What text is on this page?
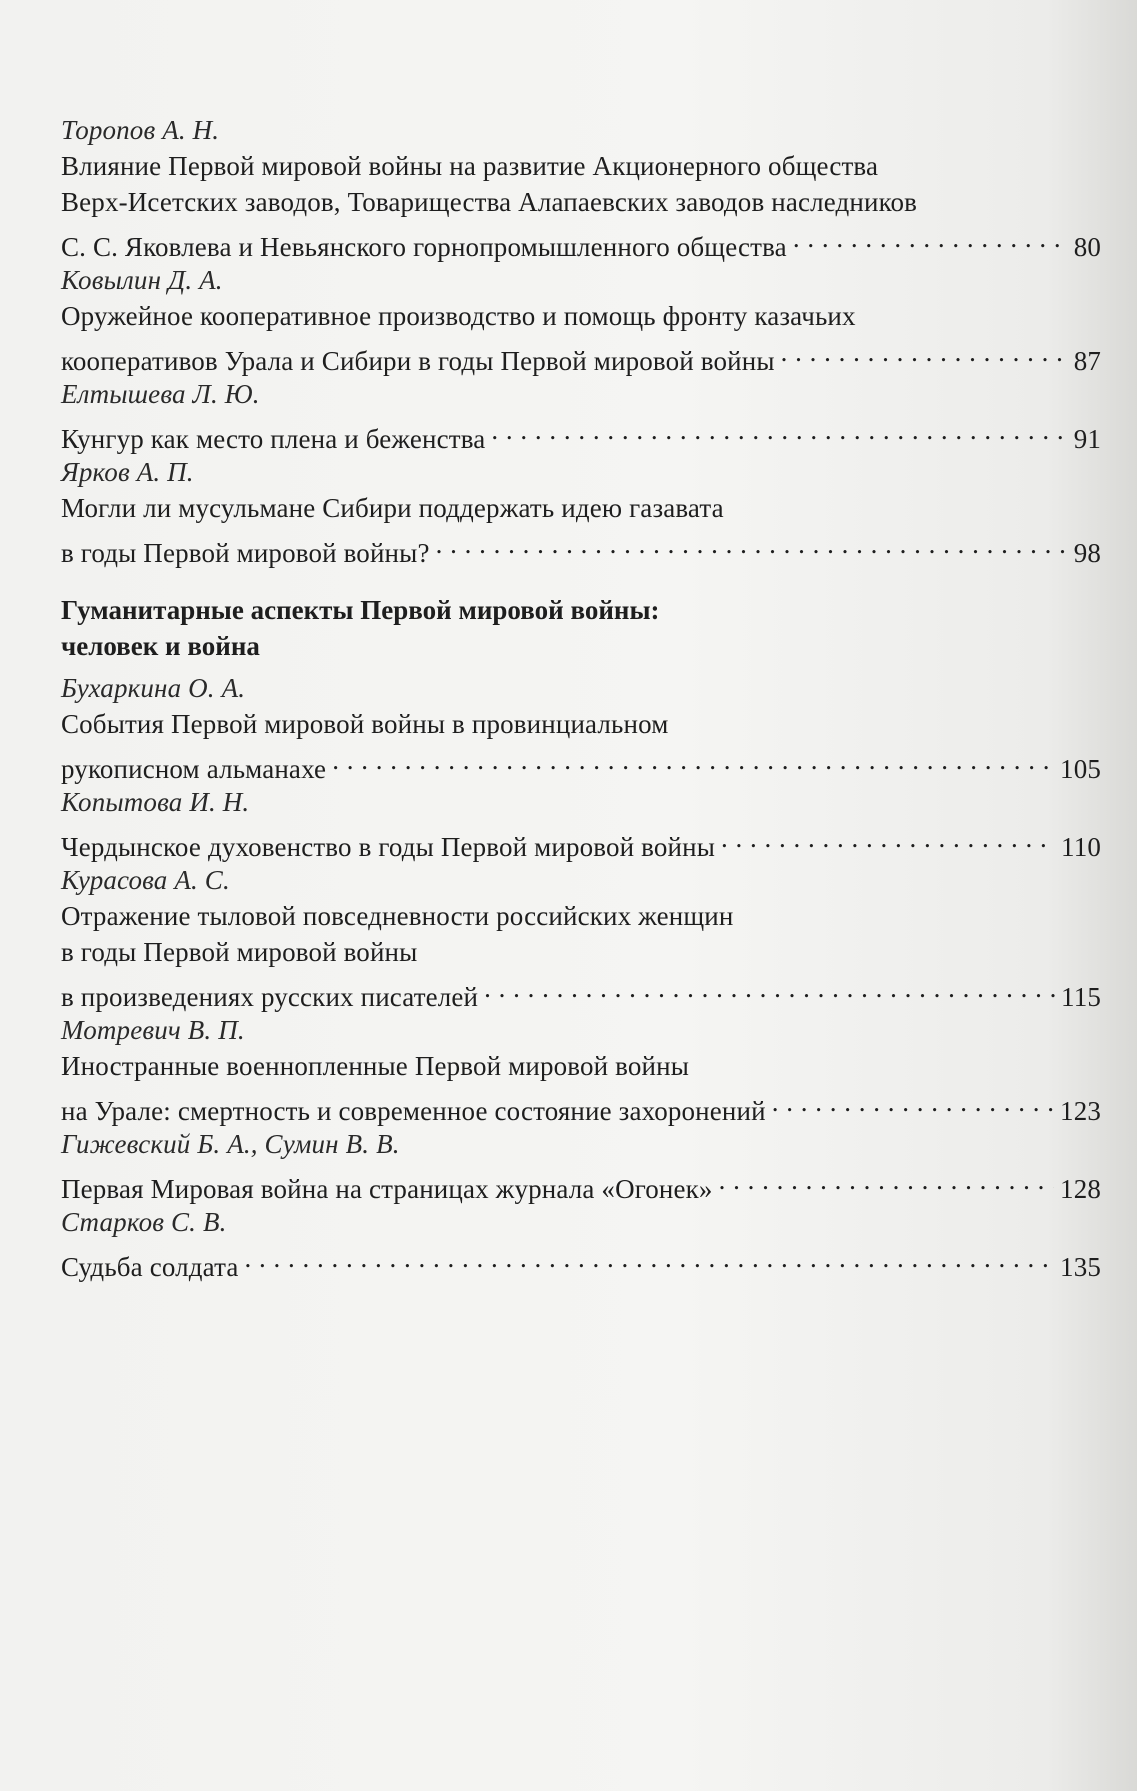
Торопов А. Н.
Влияние Первой мировой войны на развитие Акционерного общества
Верх-Исетских заводов, Товарищества Алапаевских заводов наследников
С. С. Яковлева и Невьянского горнопромышленного общества . . .	80
Ковылин Д. А.
Оружейное кооперативное производство и помощь фронту казачьих
кооперативов Урала и Сибири в годы Первой мировой войны . . .	87
Елтышева Л. Ю.
Кунгур как место плена и беженства . . .	91
Ярков А. П.
Могли ли мусульмане Сибири поддержать идею газавата
в годы Первой мировой войны? . . .	98
Гуманитарные аспекты Первой мировой войны:
человек и война
Бухаркина О. А.
События Первой мировой войны в провинциальном
рукописном альманахе . . .	105
Копытова И. Н.
Чердынское духовенство в годы Первой мировой войны . . .	110
Курасова А. С.
Отражение тыловой повседневности российских женщин
в годы Первой мировой войны
в произведениях русских писателей . . .	115
Мотревич В. П.
Иностранные военнопленные Первой мировой войны
на Урале: смертность и современное состояние захоронений . . .	123
Гижевский Б. А., Сумин В. В.
Первая Мировая война на страницах журнала «Огонек» . . .	128
Старков С. В.
Судьба солдата . . .	135
